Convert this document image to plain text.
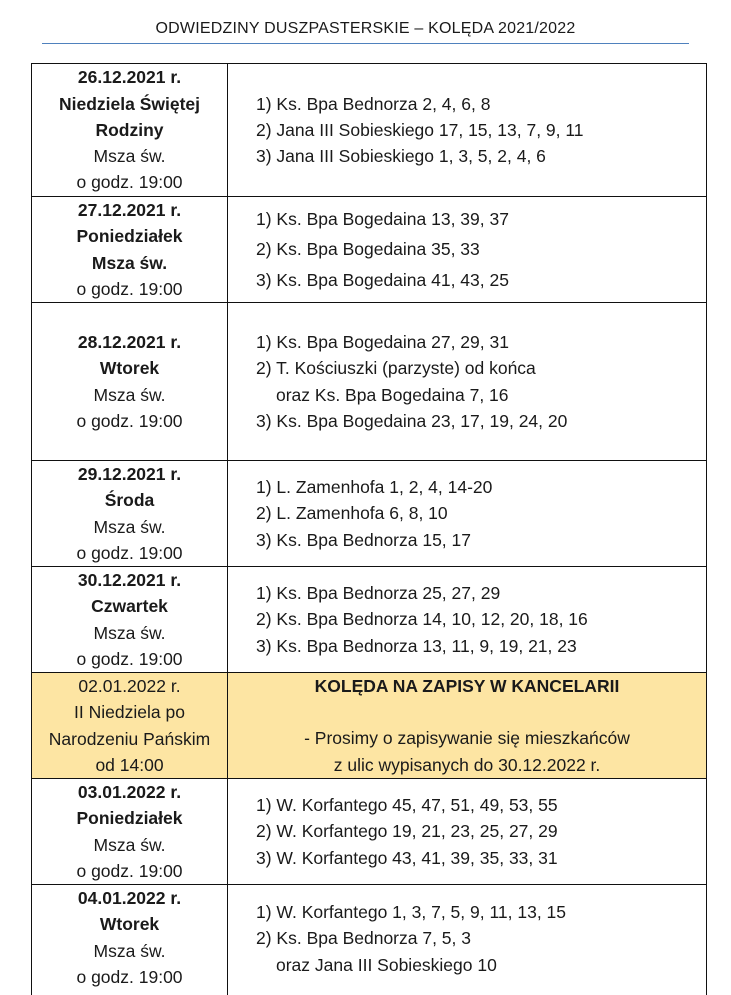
ODWIEDZINY DUSZPASTERSKIE – KOLĘDA 2021/2022
26.12.2021 r.
Niedziela Świętej
Rodziny
Msza św.
o godz. 19:00
1) Ks. Bpa Bednorza 2, 4, 6, 8
2) Jana III Sobieskiego 17, 15, 13, 7, 9, 11
3) Jana III Sobieskiego 1, 3, 5, 2, 4, 6
27.12.2021 r.
Poniedziałek
Msza św.
o godz. 19:00
1) Ks. Bpa Bogedaina 13, 39, 37
2) Ks. Bpa Bogedaina 35, 33
3) Ks. Bpa Bogedaina 41, 43, 25
28.12.2021 r.
Wtorek
Msza św.
o godz. 19:00
1) Ks. Bpa Bogedaina 27, 29, 31
2) T. Kościuszki (parzyste) od końca
oraz Ks. Bpa Bogedaina 7, 16
3) Ks. Bpa Bogedaina 23, 17, 19, 24, 20
29.12.2021 r.
Środa
Msza św.
o godz. 19:00
1) L. Zamenhofa 1, 2, 4, 14-20
2) L. Zamenhofa 6, 8, 10
3) Ks. Bpa Bednorza 15, 17
30.12.2021 r.
Czwartek
Msza św.
o godz. 19:00
1) Ks. Bpa Bednorza 25, 27, 29
2) Ks. Bpa Bednorza 14, 10, 12, 20, 18, 16
3) Ks. Bpa Bednorza 13, 11, 9, 19, 21, 23
02.01.2022 r.
II Niedziela po
Narodzeniu Pańskim
od 14:00
KOLĘDA NA ZAPISY W KANCELARII
- Prosimy o zapisywanie się mieszkańców
z ulic wypisanych do 30.12.2022 r.
03.01.2022 r.
Poniedziałek
Msza św.
o godz. 19:00
1) W. Korfantego 45, 47, 51, 49, 53, 55
2) W. Korfantego 19, 21, 23, 25, 27, 29
3) W. Korfantego 43, 41, 39, 35, 33, 31
04.01.2022 r.
Wtorek
Msza św.
o godz. 19:00
1) W. Korfantego 1, 3, 7, 5, 9, 11, 13, 15
2) Ks. Bpa Bednorza 7, 5, 3
oraz Jana III Sobieskiego 10
